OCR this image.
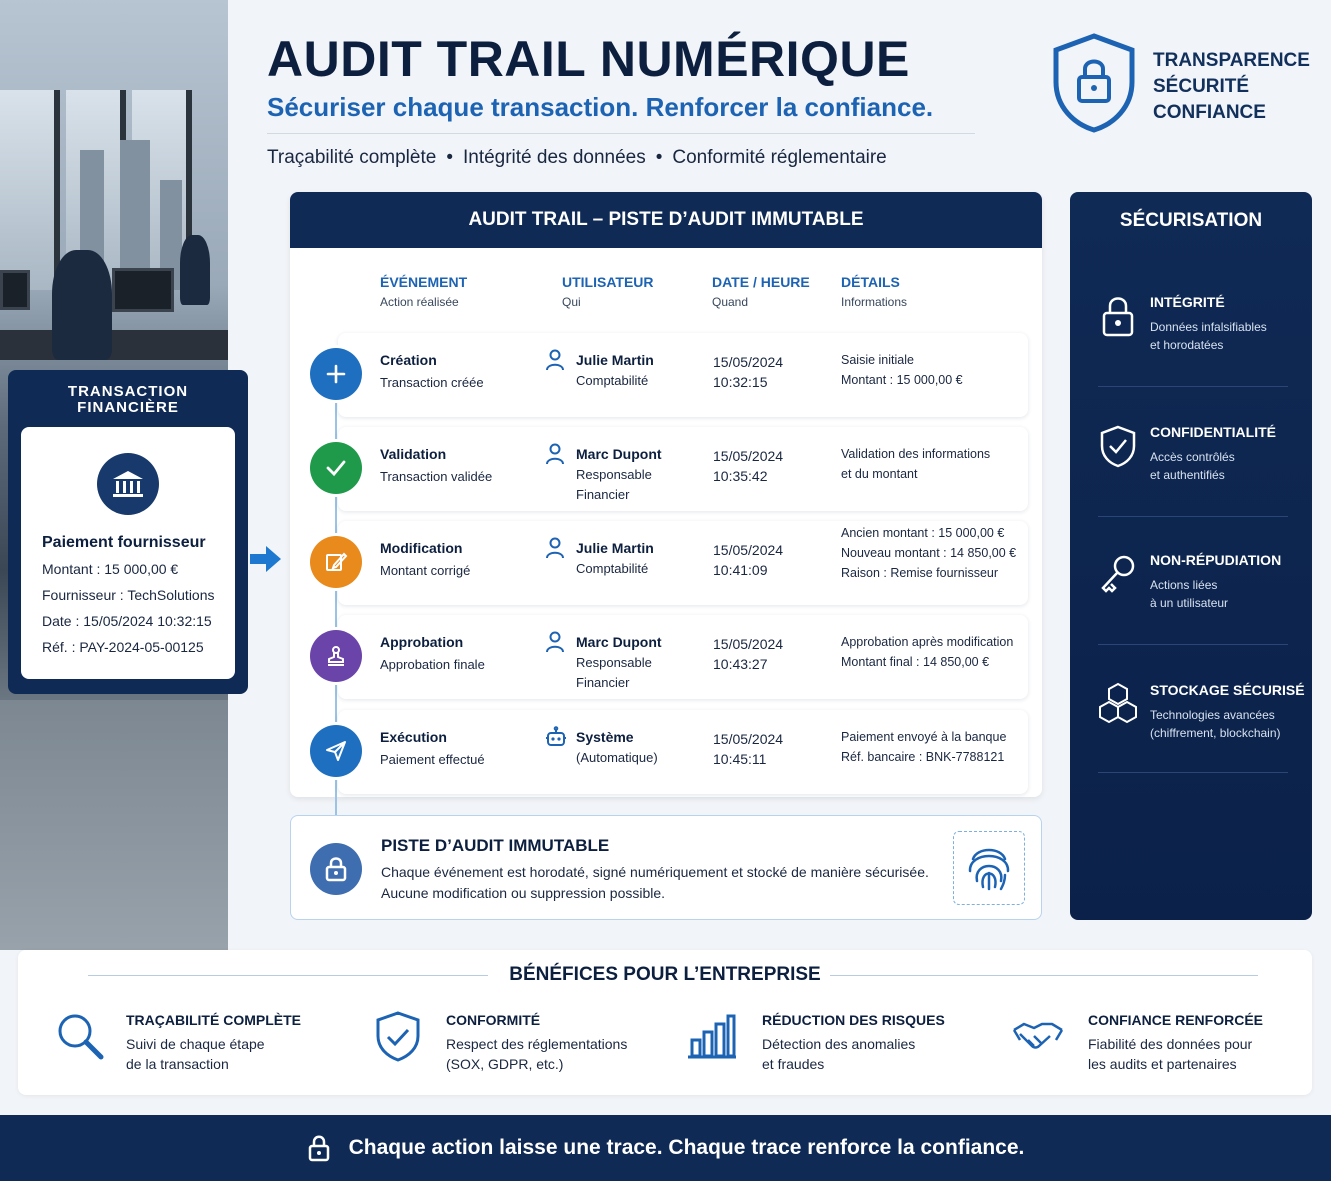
AUDIT TRAIL NUMÉRIQUE
Sécuriser chaque transaction. Renforcer la confiance.
Traçabilité complète • Intégrité des données • Conformité réglementaire
TRANSPARENCE
SÉCURITÉ
CONFIANCE
TRANSACTION FINANCIÈRE
Paiement fournisseur
Montant : 15 000,00 €
Fournisseur : TechSolutions
Date : 15/05/2024 10:32:15
Réf. : PAY-2024-05-00125
AUDIT TRAIL – PISTE D’AUDIT IMMUTABLE
ÉVÉNEMENT
Action réalisée
UTILISATEUR
Qui
DATE / HEURE
Quand
DÉTAILS
Informations
Création
Transaction créée
Julie Martin
Comptabilité
15/05/2024
10:32:15
Saisie initiale
Montant : 15 000,00 €
Validation
Transaction validée
Marc Dupont
Responsable
Financier
15/05/2024
10:35:42
Validation des informations
et du montant
Modification
Montant corrigé
Julie Martin
Comptabilité
15/05/2024
10:41:09
Ancien montant : 15 000,00 €
Nouveau montant : 14 850,00 €
Raison : Remise fournisseur
Approbation
Approbation finale
Marc Dupont
Responsable
Financier
15/05/2024
10:43:27
Approbation après modification
Montant final : 14 850,00 €
Exécution
Paiement effectué
Système
(Automatique)
15/05/2024
10:45:11
Paiement envoyé à la banque
Réf. bancaire : BNK-7788121
PISTE D’AUDIT IMMUTABLE
Chaque événement est horodaté, signé numériquement et stocké de manière sécurisée.
Aucune modification ou suppression possible.
SÉCURISATION
INTÉGRITÉ
Données infalsifiables
et horodatées
CONFIDENTIALITÉ
Accès contrôlés
et authentifiés
NON-RÉPUDIATION
Actions liées
à un utilisateur
STOCKAGE SÉCURISÉ
Technologies avancées
(chiffrement, blockchain)
BÉNÉFICES POUR L’ENTREPRISE
TRAÇABILITÉ COMPLÈTE
Suivi de chaque étape
de la transaction
CONFORMITÉ
Respect des réglementations
(SOX, GDPR, etc.)
RÉDUCTION DES RISQUES
Détection des anomalies
et fraudes
CONFIANCE RENFORCÉE
Fiabilité des données pour
les audits et partenaires
Chaque action laisse une trace. Chaque trace renforce la confiance.
